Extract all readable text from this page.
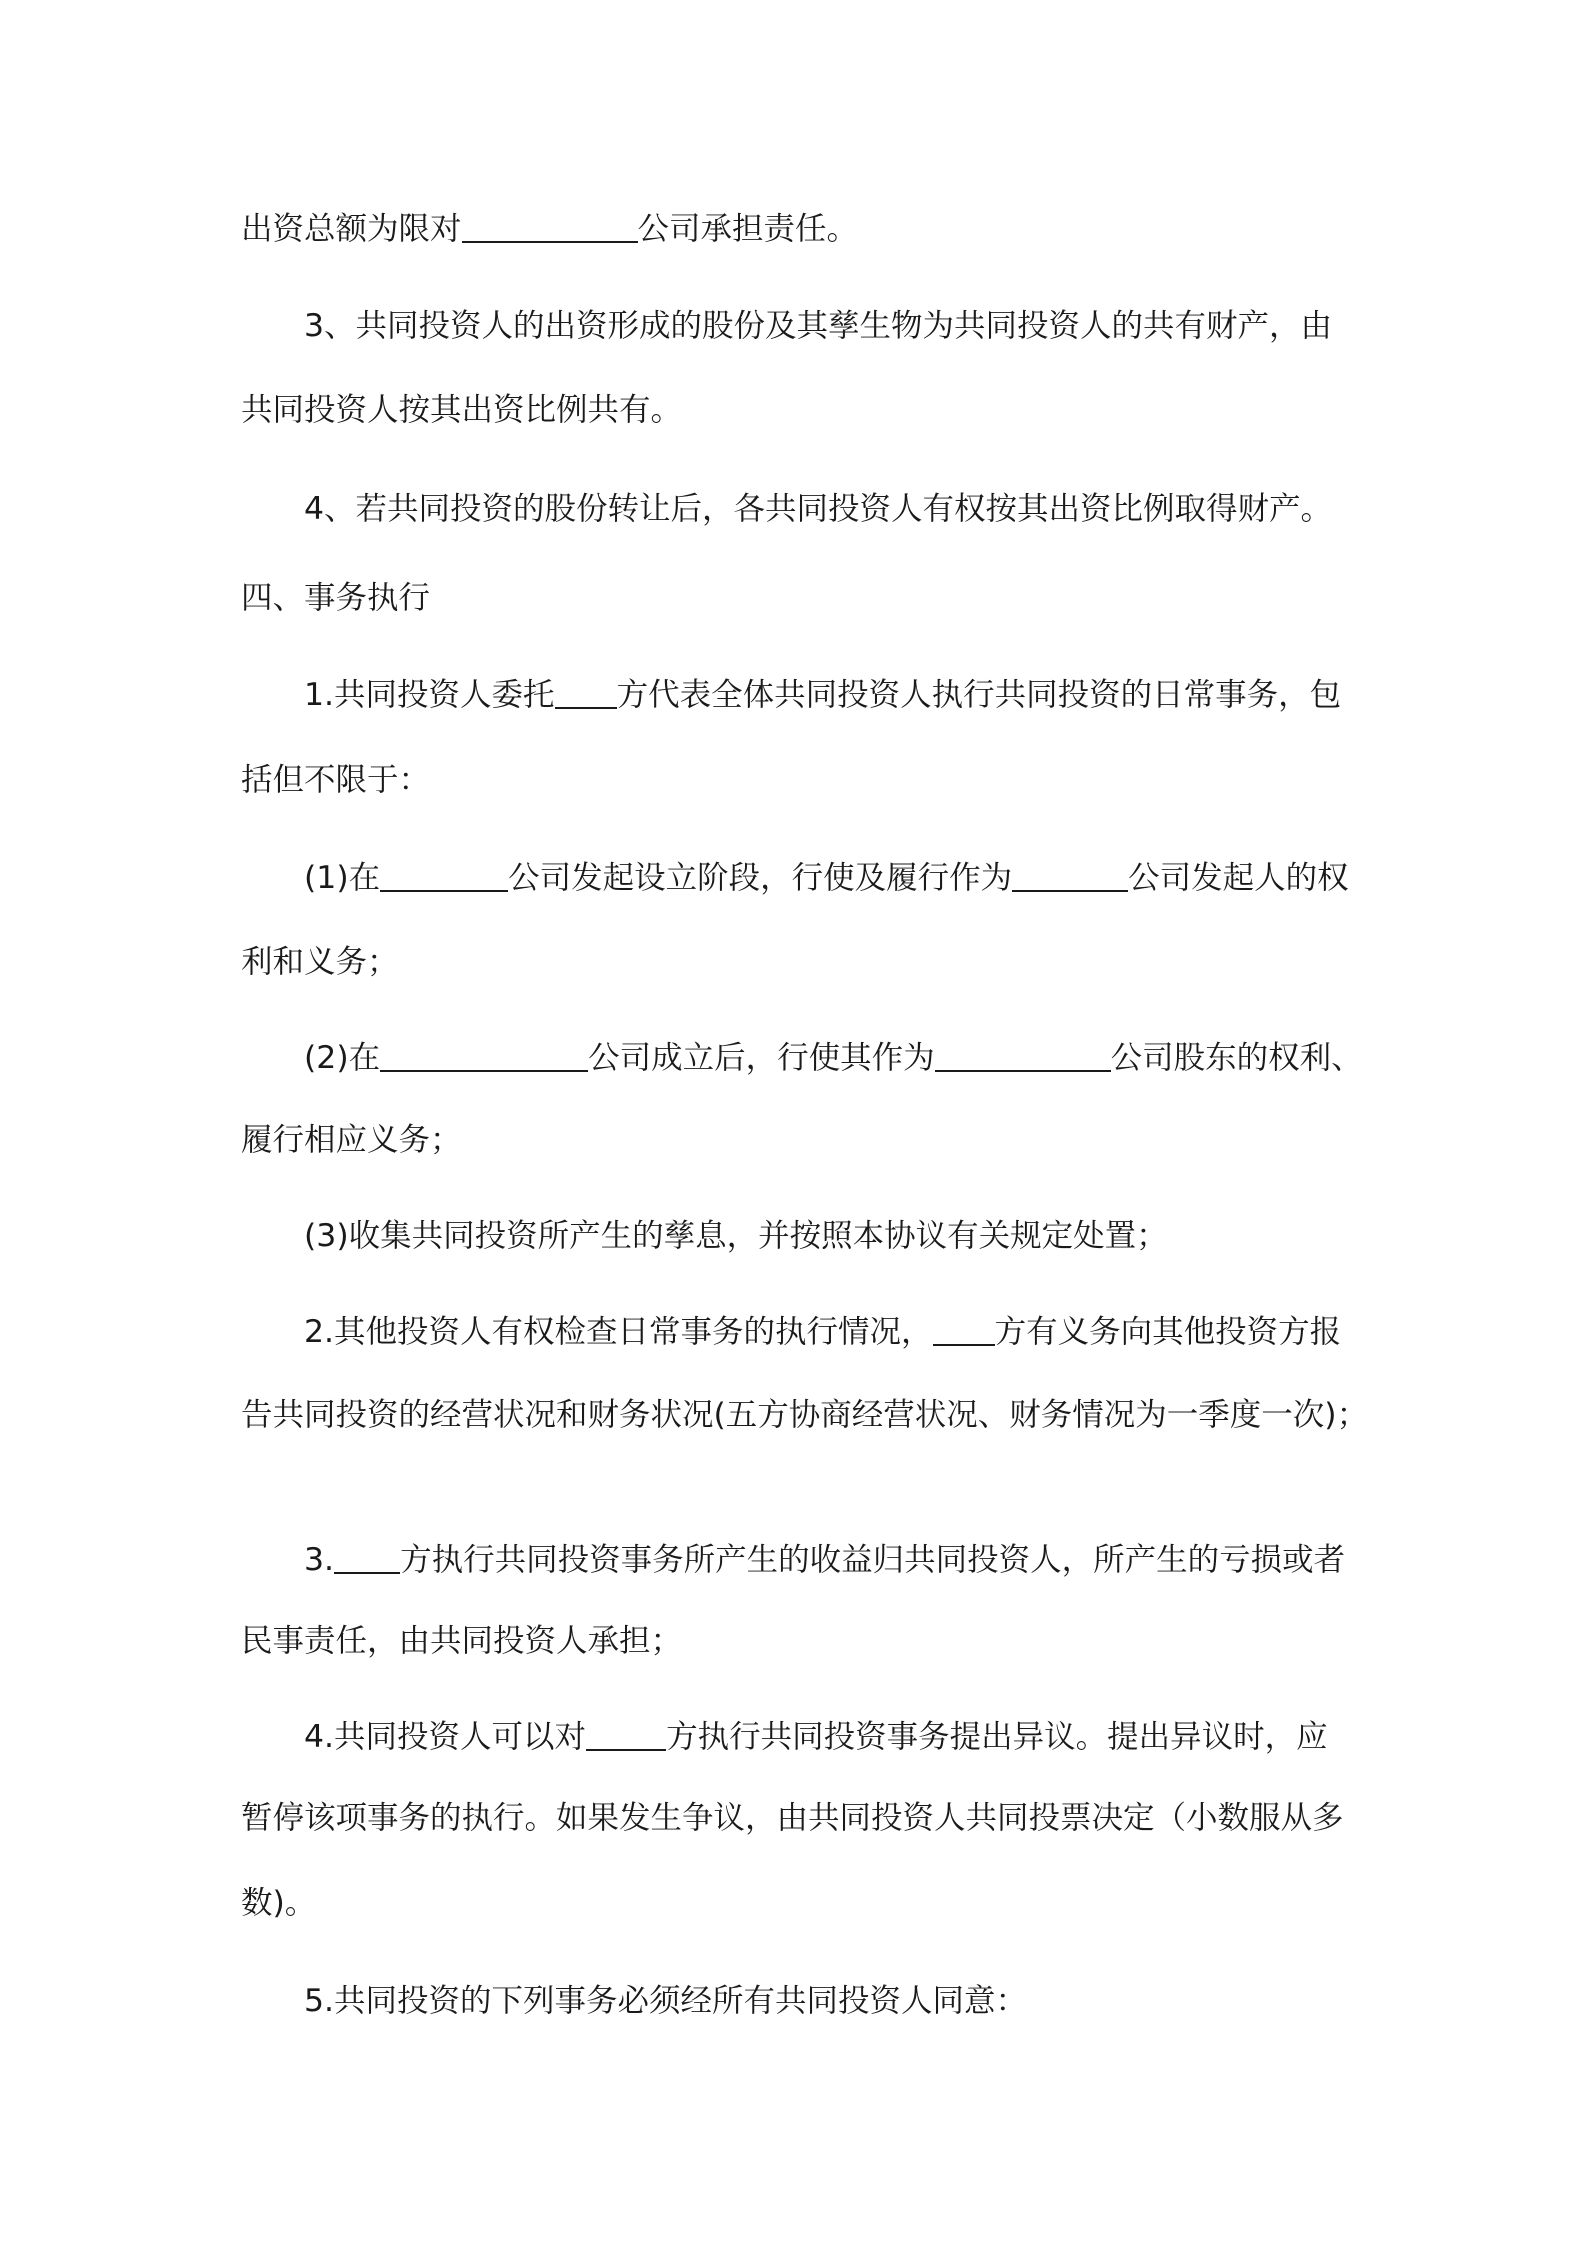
出资总额为限对	公司承担责任。
3、共同投资人的出资形成的股份及其孳生物为共同投资人的共有财产，由
共同投资人按其出资比例共有。
4、若共同投资的股份转让后，各共同投资人有权按其出资比例取得财产。
四、事务执行
1.共同投资人委托 方代表全体共同投资人执行共同投资的日常事务，包
括但不限于：
(1)在	公司发起设立阶段，行使及履行作为	公司发起人的权
利和义务；
(2)在	公司成立后，行使其作为	公司股东的权利、
履行相应义务；
(3)收集共同投资所产生的孳息，并按照本协议有关规定处置；
2.其他投资人有权检查日常事务的执行情况， 方有义务向其他投资方报
告共同投资的经营状况和财务状况(五方协商经营状况、财务情况为一季度一次)；
3. 方执行共同投资事务所产生的收益归共同投资人，所产生的亏损或者
民事责任，由共同投资人承担；
4.共同投资人可以对	方执行共同投资事务提出异议。提出异议时，应
暂停该项事务的执行。如果发生争议，由共同投资人共同投票决定（小数服从多
数)。
5.共同投资的下列事务必须经所有共同投资人同意：
